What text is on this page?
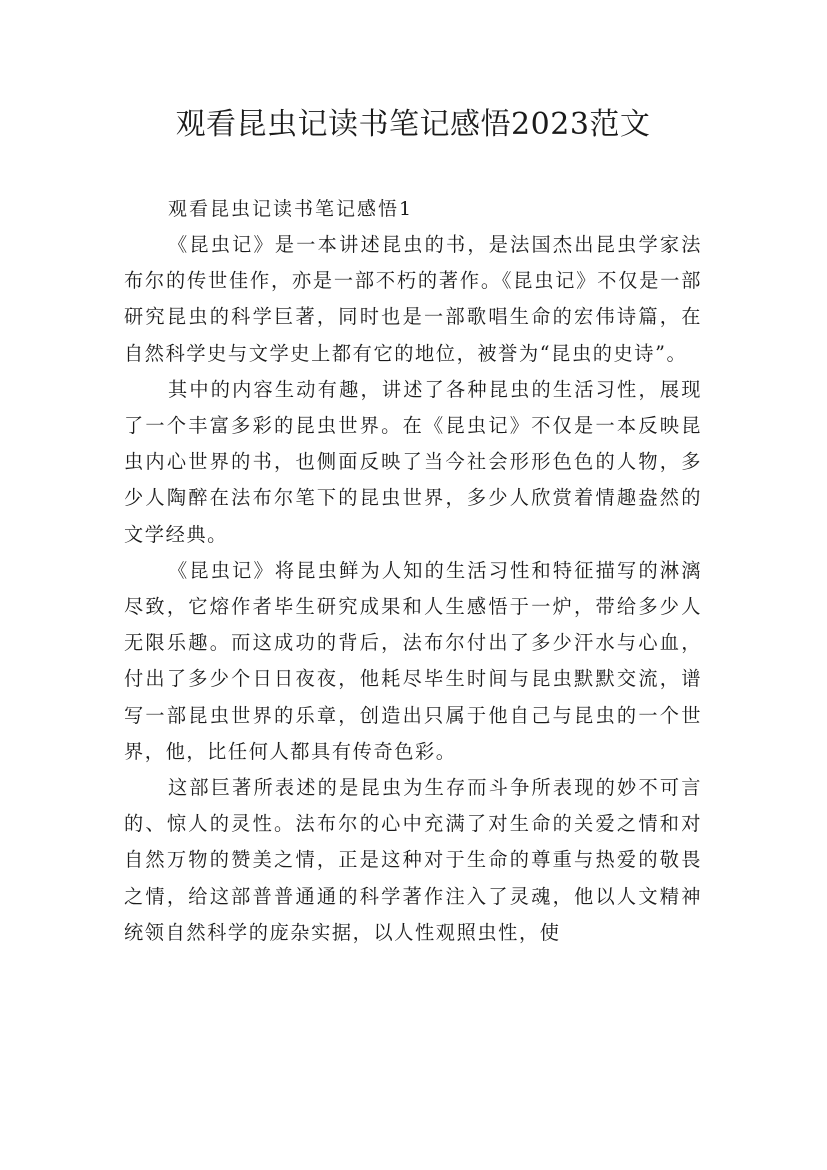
观看昆虫记读书笔记感悟2023范文

观看昆虫记读书笔记感悟1

《昆虫记》是一本讲述昆虫的书，是法国杰出昆虫学家法布尔的传世佳作，亦是一部不朽的著作。《昆虫记》不仅是一部研究昆虫的科学巨著，同时也是一部歌唱生命的宏伟诗篇，在自然科学史与文学史上都有它的地位，被誉为“昆虫的史诗”。

其中的内容生动有趣，讲述了各种昆虫的生活习性，展现了一个丰富多彩的昆虫世界。在《昆虫记》不仅是一本反映昆虫内心世界的书，也侧面反映了当今社会形形色色的人物，多少人陶醉在法布尔笔下的昆虫世界，多少人欣赏着情趣盎然的文学经典。

《昆虫记》将昆虫鲜为人知的生活习性和特征描写的淋漓尽致，它熔作者毕生研究成果和人生感悟于一炉，带给多少人无限乐趣。而这成功的背后，法布尔付出了多少汗水与心血，付出了多少个日日夜夜，他耗尽毕生时间与昆虫默默交流，谱写一部昆虫世界的乐章，创造出只属于他自己与昆虫的一个世界，他，比任何人都具有传奇色彩。

这部巨著所表述的是昆虫为生存而斗争所表现的妙不可言的、惊人的灵性。法布尔的心中充满了对生命的关爱之情和对自然万物的赞美之情，正是这种对于生命的尊重与热爱的敬畏之情，给这部普普通通的科学著作注入了灵魂，他以人文精神统领自然科学的庞杂实据，以人性观照虫性，使
